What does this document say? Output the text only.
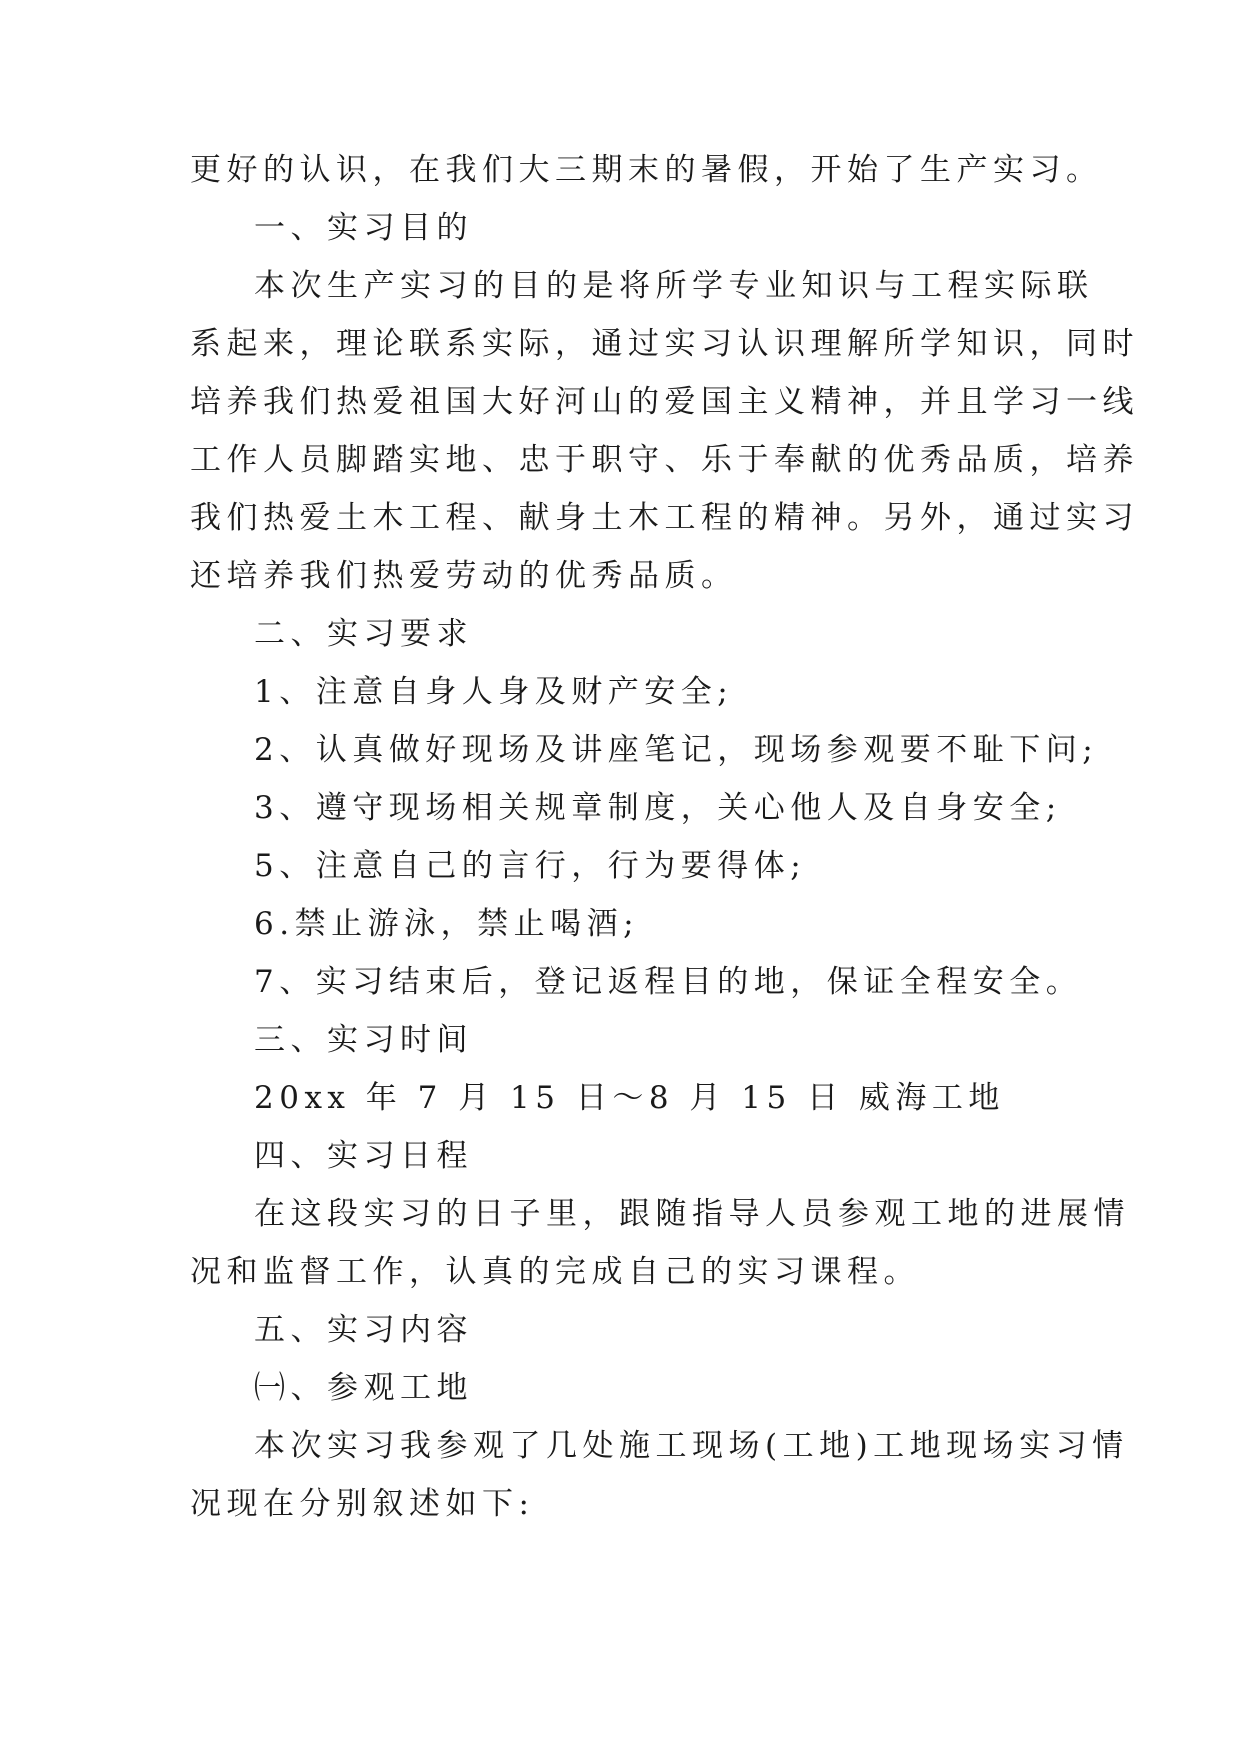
更好的认识，在我们大三期末的暑假，开始了生产实习。
一、实习目的
本次生产实习的目的是将所学专业知识与工程实际联
系起来，理论联系实际，通过实习认识理解所学知识，同时
培养我们热爱祖国大好河山的爱国主义精神，并且学习一线
工作人员脚踏实地、忠于职守、乐于奉献的优秀品质，培养
我们热爱土木工程、献身土木工程的精神。另外，通过实习
还培养我们热爱劳动的优秀品质。
二、实习要求
1、注意自身人身及财产安全;
2、认真做好现场及讲座笔记，现场参观要不耻下问;
3、遵守现场相关规章制度，关心他人及自身安全;
5、注意自己的言行，行为要得体;
6.禁止游泳，禁止喝酒;
7、实习结束后，登记返程目的地，保证全程安全。
三、实习时间
20xx 年 7 月 15 日～8 月 15 日 威海工地
四、实习日程
在这段实习的日子里，跟随指导人员参观工地的进展情
况和监督工作，认真的完成自己的实习课程。
五、实习内容
㈠、参观工地
本次实习我参观了几处施工现场(工地)工地现场实习情
况现在分别叙述如下:
